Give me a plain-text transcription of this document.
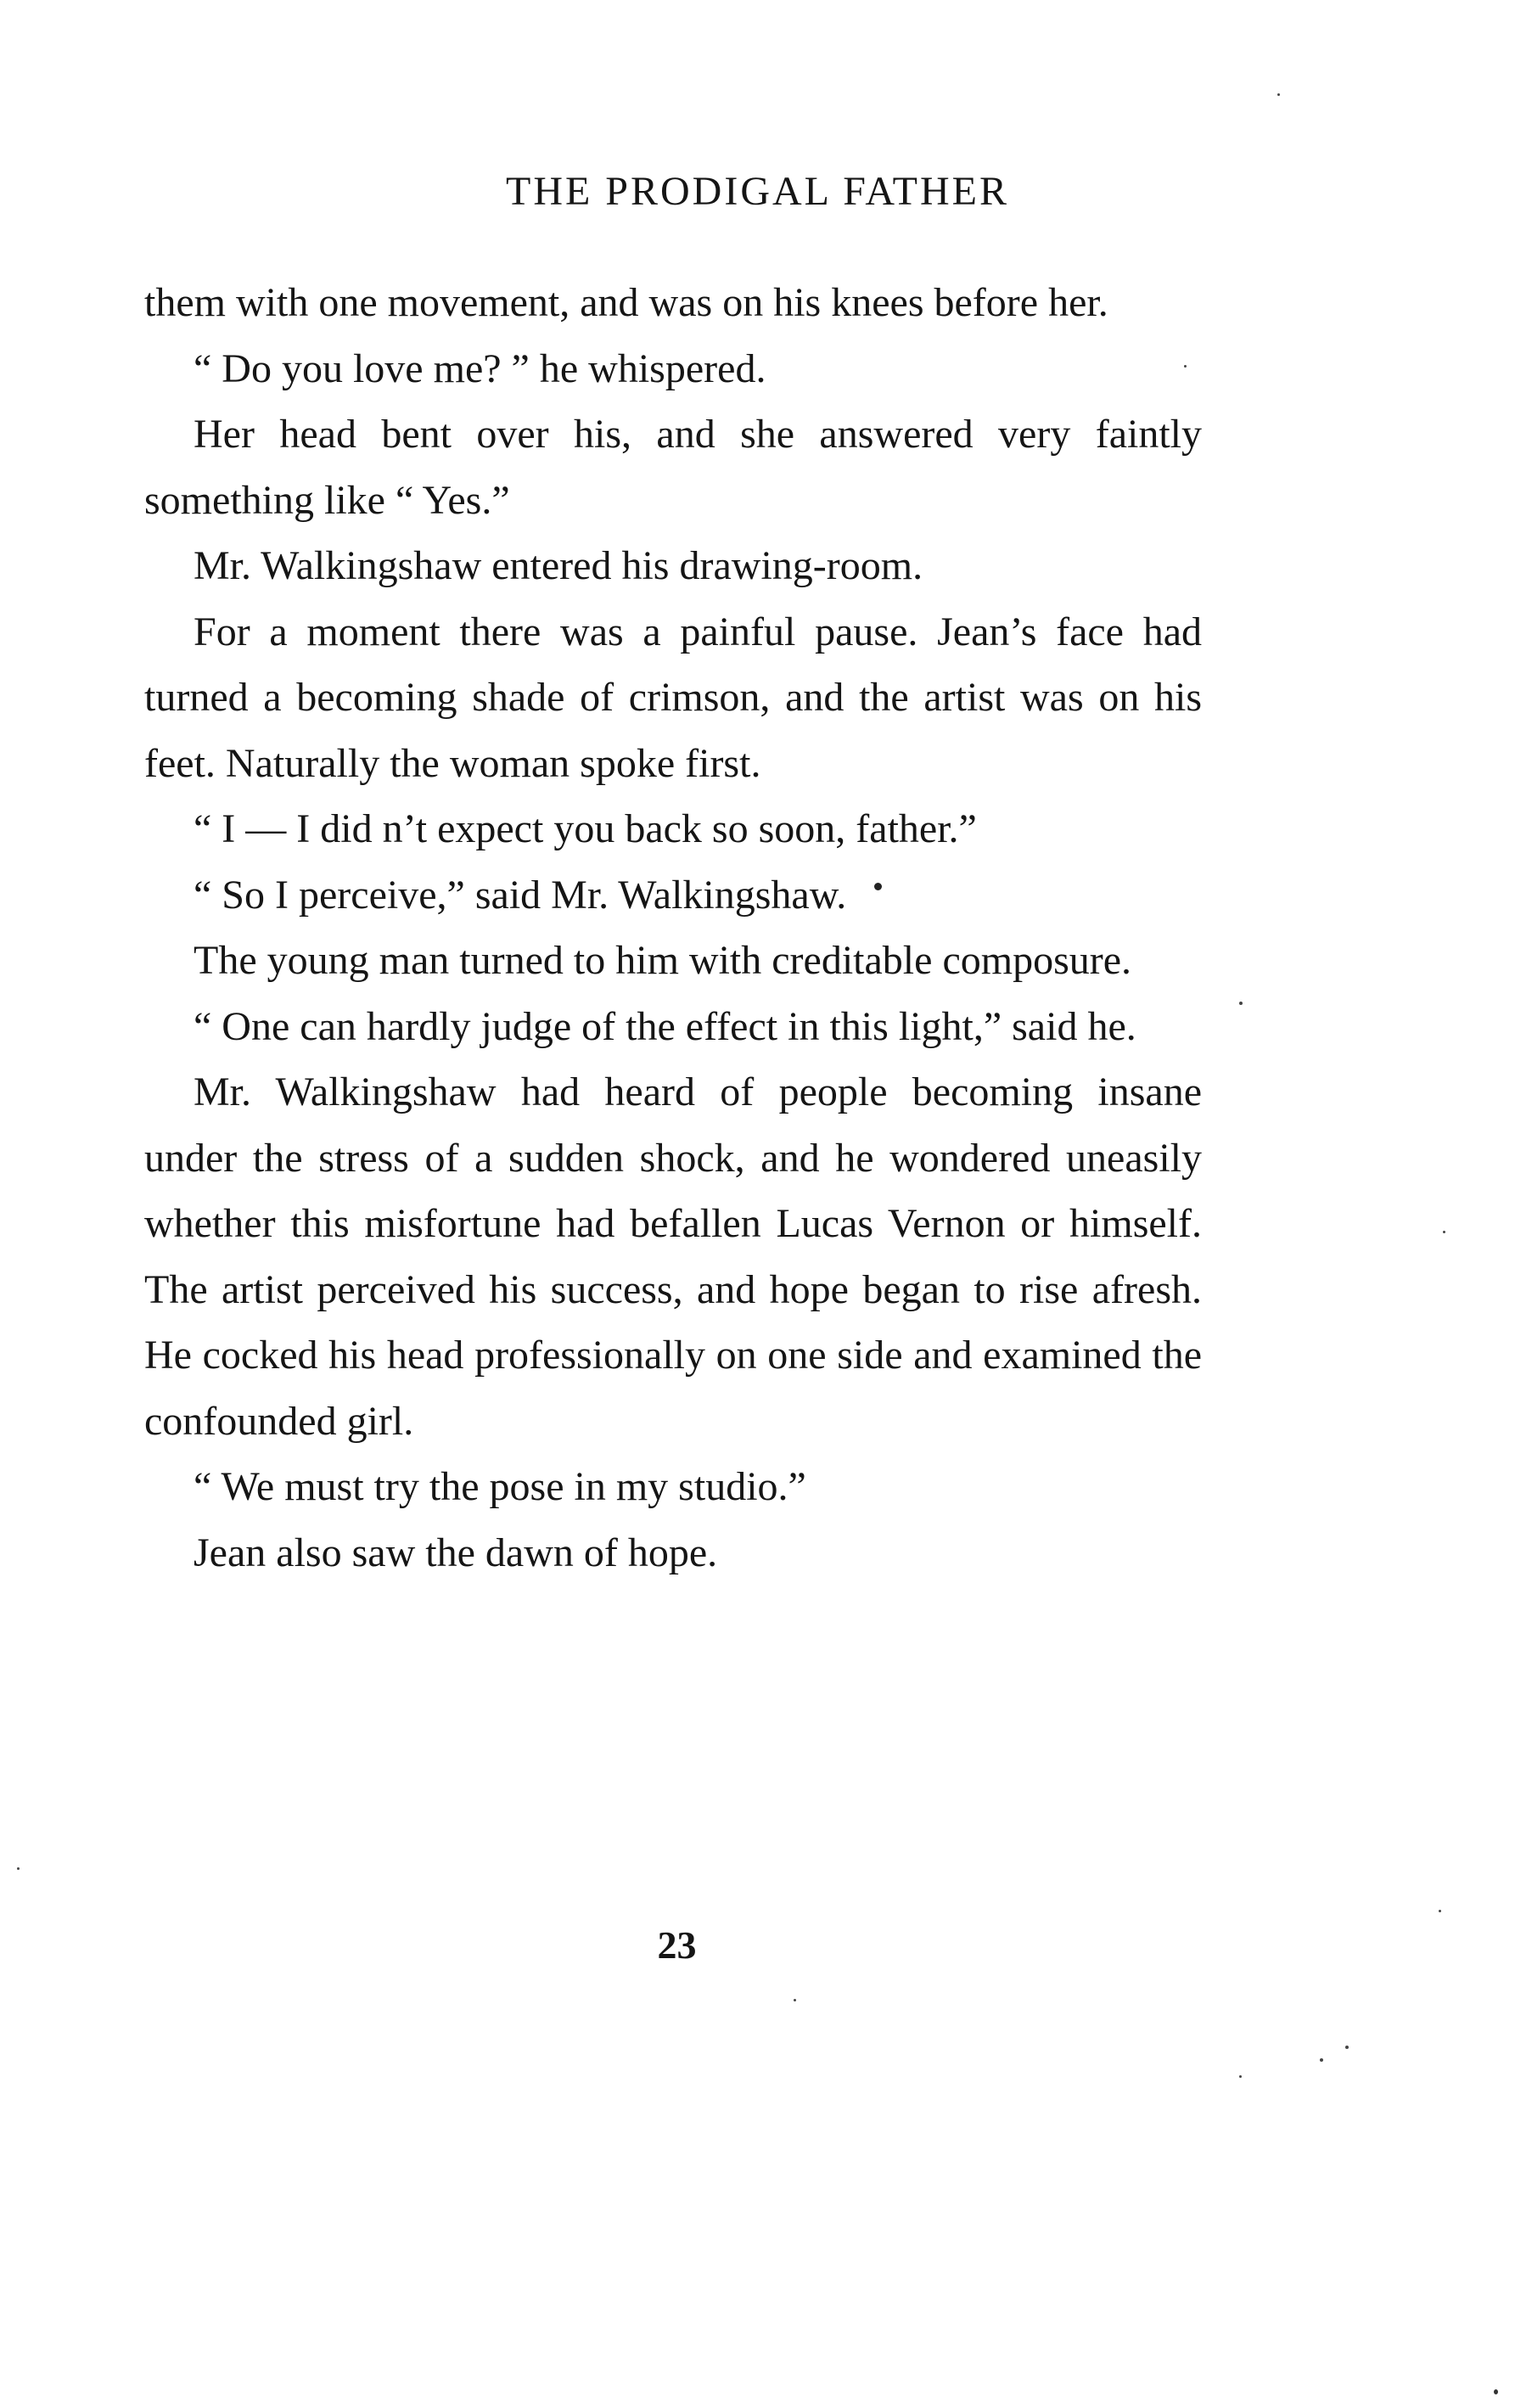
THE PRODIGAL FATHER

them with one movement, and was on his knees before her.

“ Do you love me? ” he whispered.

Her head bent over his, and she answered very faintly something like “ Yes.”

Mr. Walkingshaw entered his drawing-room.

For a moment there was a painful pause. Jean’s face had turned a becoming shade of crimson, and the artist was on his feet. Naturally the woman spoke first.

“ I — I did n’t expect you back so soon, father.”

“ So I perceive,” said Mr. Walkingshaw.

The young man turned to him with creditable composure.

“ One can hardly judge of the effect in this light,” said he.

Mr. Walkingshaw had heard of people becoming insane under the stress of a sudden shock, and he wondered uneasily whether this misfortune had befallen Lucas Vernon or himself. The artist perceived his success, and hope began to rise afresh. He cocked his head professionally on one side and examined the confounded girl.

“ We must try the pose in my studio.”

Jean also saw the dawn of hope.

23
